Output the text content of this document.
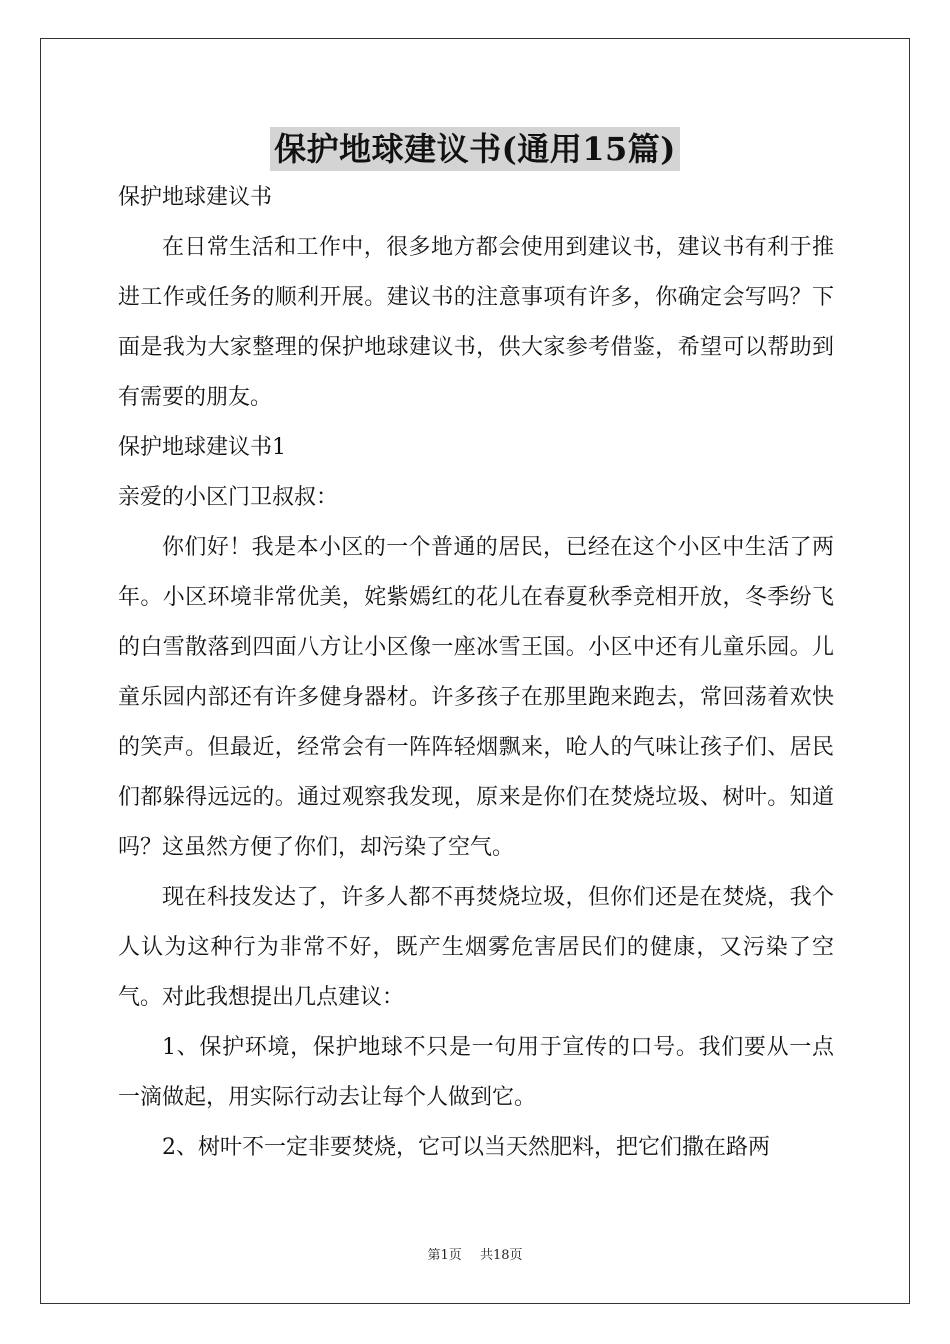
保护地球建议书(通用15篇)

保护地球建议书

在日常生活和工作中，很多地方都会使用到建议书，建议书有利于推进工作或任务的顺利开展。建议书的注意事项有许多，你确定会写吗？下面是我为大家整理的保护地球建议书，供大家参考借鉴，希望可以帮助到有需要的朋友。

保护地球建议书1

亲爱的小区门卫叔叔：

你们好！我是本小区的一个普通的居民，已经在这个小区中生活了两年。小区环境非常优美，姹紫嫣红的花儿在春夏秋季竞相开放，冬季纷飞的白雪散落到四面八方让小区像一座冰雪王国。小区中还有儿童乐园。儿童乐园内部还有许多健身器材。许多孩子在那里跑来跑去，常回荡着欢快的笑声。但最近，经常会有一阵阵轻烟飘来，呛人的气味让孩子们、居民们都躲得远远的。通过观察我发现，原来是你们在焚烧垃圾、树叶。知道吗？这虽然方便了你们，却污染了空气。

现在科技发达了，许多人都不再焚烧垃圾，但你们还是在焚烧，我个人认为这种行为非常不好，既产生烟雾危害居民们的健康，又污染了空气。对此我想提出几点建议：

1、保护环境，保护地球不只是一句用于宣传的口号。我们要从一点一滴做起，用实际行动去让每个人做到它。

2、树叶不一定非要焚烧，它可以当天然肥料，把它们撒在路两

第1页 共18页
